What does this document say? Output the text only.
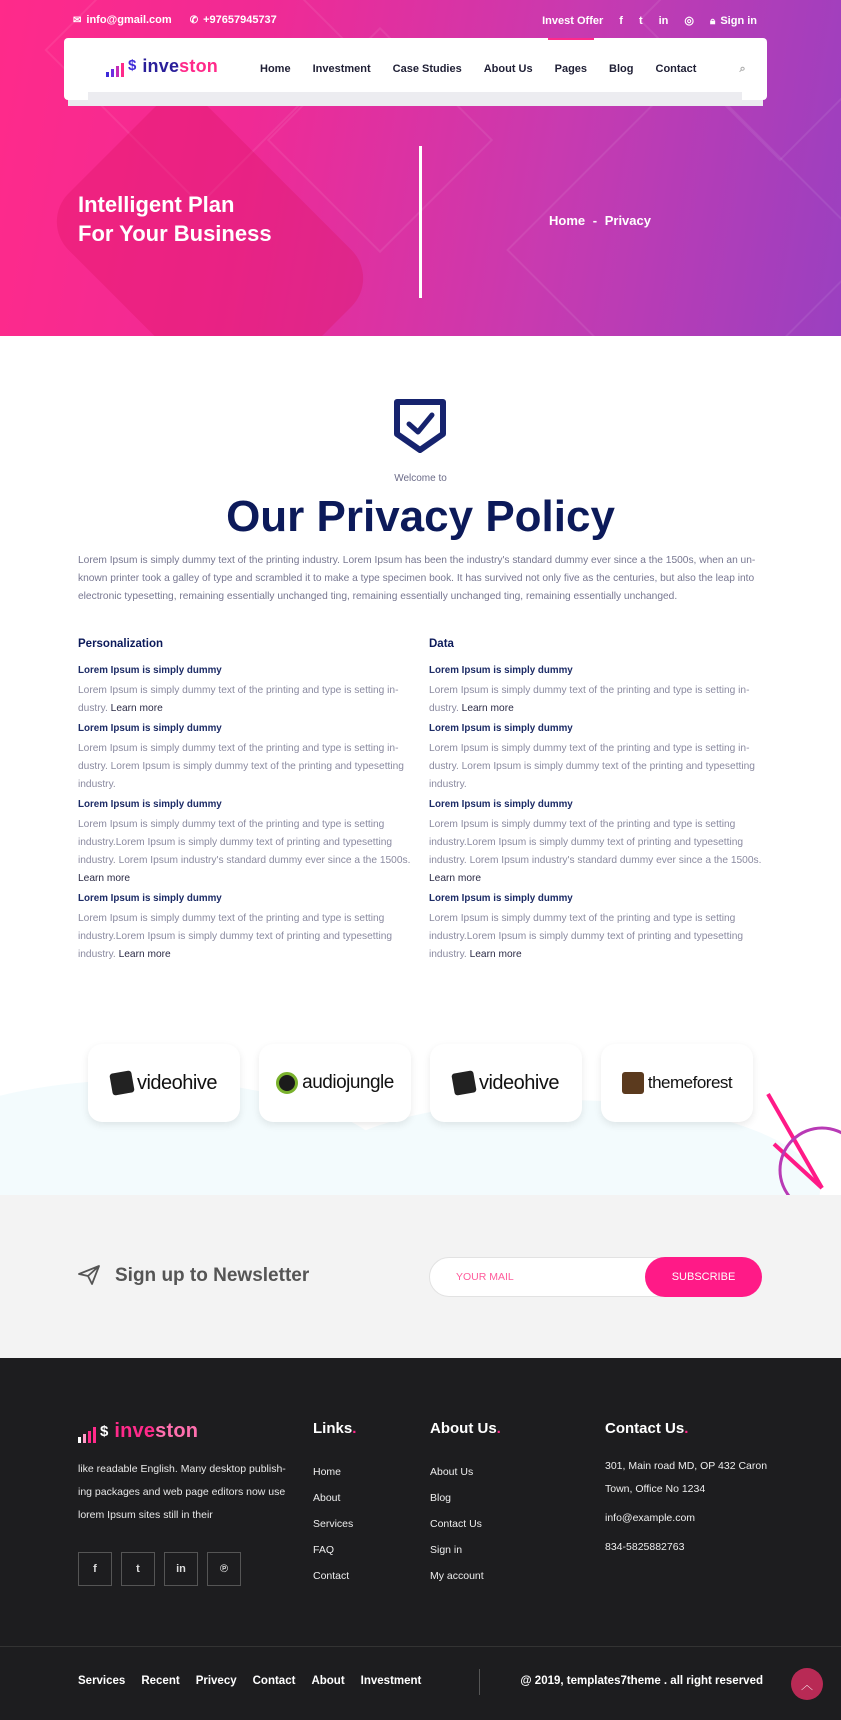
✉ info@gmail.com ✆ +97657945737	Invest Offer f t in ◎ 🔒︎ Sign in
$ investon	Home	Investment	Case Studies	About Us	Pages	Blog	Contact	⌕
Intelligent Plan
For Your Business
Home - Privacy
Welcome to
Our Privacy Policy

Lorem Ipsum is simply dummy text of the printing industry. Lorem Ipsum has been the industry's standard dummy ever since a the 1500s, when an un-known printer took a galley of type and scrambled it to make a type specimen book. It has survived not only five as the centuries, but also the leap into electronic typesetting, remaining essentially unchanged ting, remaining essentially unchanged ting, remaining essentially unchanged.

Personalization
Lorem Ipsum is simply dummy

Lorem Ipsum is simply dummy text of the printing and type is setting in-dustry. Learn more

Lorem Ipsum is simply dummy

Lorem Ipsum is simply dummy text of the printing and type is setting in-dustry. Lorem Ipsum is simply dummy text of the printing and typesetting industry.

Lorem Ipsum is simply dummy

Lorem Ipsum is simply dummy text of the printing and type is setting industry.Lorem Ipsum is simply dummy text of printing and typesetting industry. Lorem Ipsum industry's standard dummy ever since a the 1500s. Learn more

Lorem Ipsum is simply dummy

Lorem Ipsum is simply dummy text of the printing and type is setting industry.Lorem Ipsum is simply dummy text of printing and typesetting industry. Learn more

Data
Lorem Ipsum is simply dummy

Lorem Ipsum is simply dummy text of the printing and type is setting in-dustry. Learn more

Lorem Ipsum is simply dummy

Lorem Ipsum is simply dummy text of the printing and type is setting in-dustry. Lorem Ipsum is simply dummy text of the printing and typesetting industry.

Lorem Ipsum is simply dummy

Lorem Ipsum is simply dummy text of the printing and type is setting industry.Lorem Ipsum is simply dummy text of printing and typesetting industry. Lorem Ipsum industry's standard dummy ever since a the 1500s. Learn more

Lorem Ipsum is simply dummy

Lorem Ipsum is simply dummy text of the printing and type is setting industry.Lorem Ipsum is simply dummy text of printing and typesetting industry. Learn more

videohive	audiojungle	videohive	themeforest
Sign up to Newsletter	YOUR MAIL	SUBSCRIBE
$ investon

like readable English. Many desktop publish-ing packages and web page editors now use lorem Ipsum sites still in their

f	t	in	℗
Links.
Home
About
Services
FAQ
Contact
About Us.
About Us
Blog
Contact Us
Sign in
My account
Contact Us.

301, Main road MD, OP 432 Caron Town, Office No 1234

info@example.com

834-5825882763

Services Recent Privecy Contact About Investment	@ 2019, templates7theme . all right reserved	︿
